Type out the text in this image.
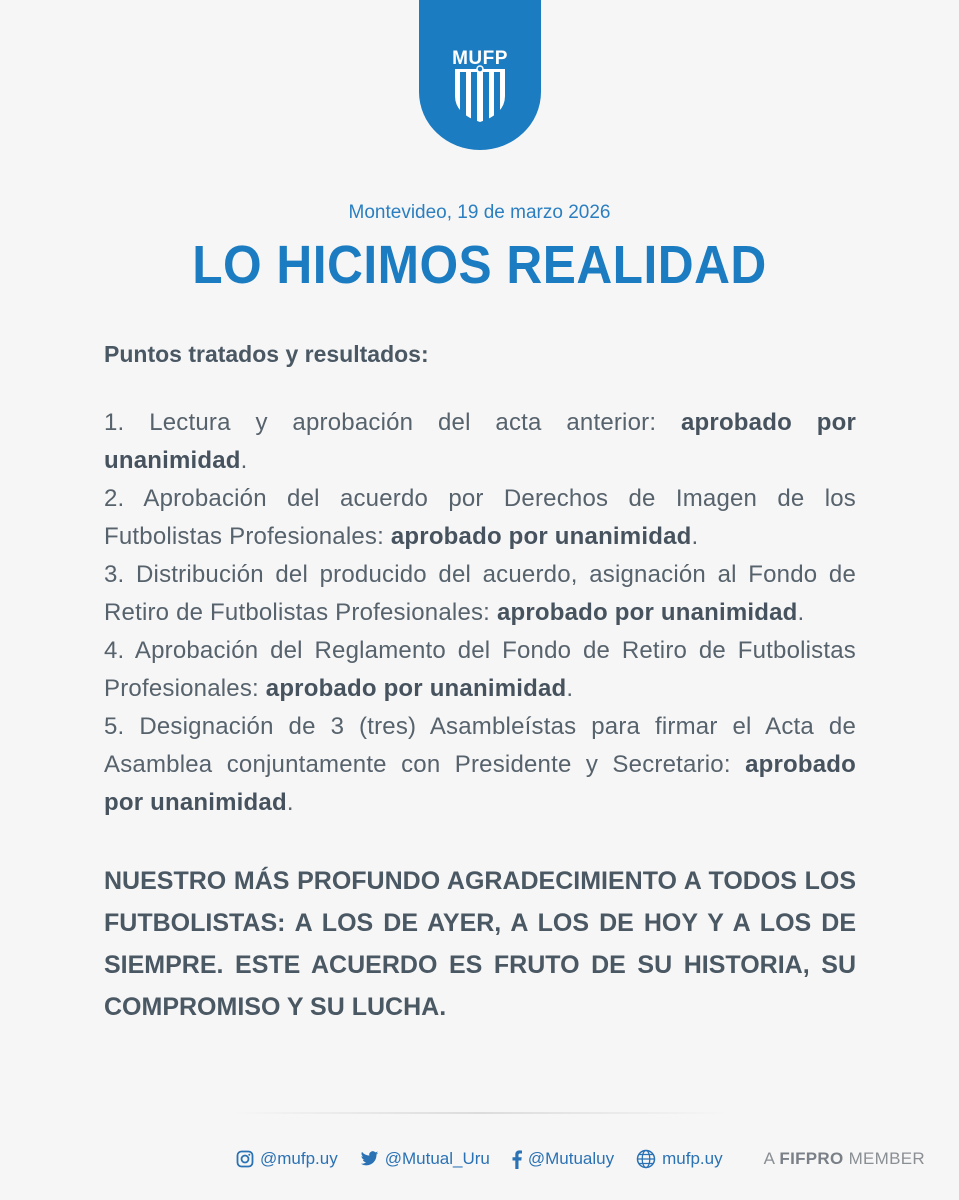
MUFP
Montevideo, 19 de marzo 2026
LO HICIMOS REALIDAD
Puntos tratados y resultados:
1. Lectura y aprobación del acta anterior: aprobado por unanimidad.
2. Aprobación del acuerdo por Derechos de Imagen de los Futbolistas Profesionales: aprobado por unanimidad.
3. Distribución del producido del acuerdo, asignación al Fondo de Retiro de Futbolistas Profesionales: aprobado por unanimidad.
4. Aprobación del Reglamento del Fondo de Retiro de Futbolistas Profesionales: aprobado por unanimidad.
5. Designación de 3 (tres) Asambleístas para firmar el Acta de Asamblea conjuntamente con Presidente y Secretario: aprobado por unanimidad.
NUESTRO MÁS PROFUNDO AGRADECIMIENTO A TODOS LOS FUTBOLISTAS: A LOS DE AYER, A LOS DE HOY Y A LOS DE SIEMPRE. ESTE ACUERDO ES FRUTO DE SU HISTORIA, SU COMPROMISO Y SU LUCHA.
@mufp.uy	@Mutual_Uru @Mutualuy	mufp.uy A FIFPRO MEMBER
